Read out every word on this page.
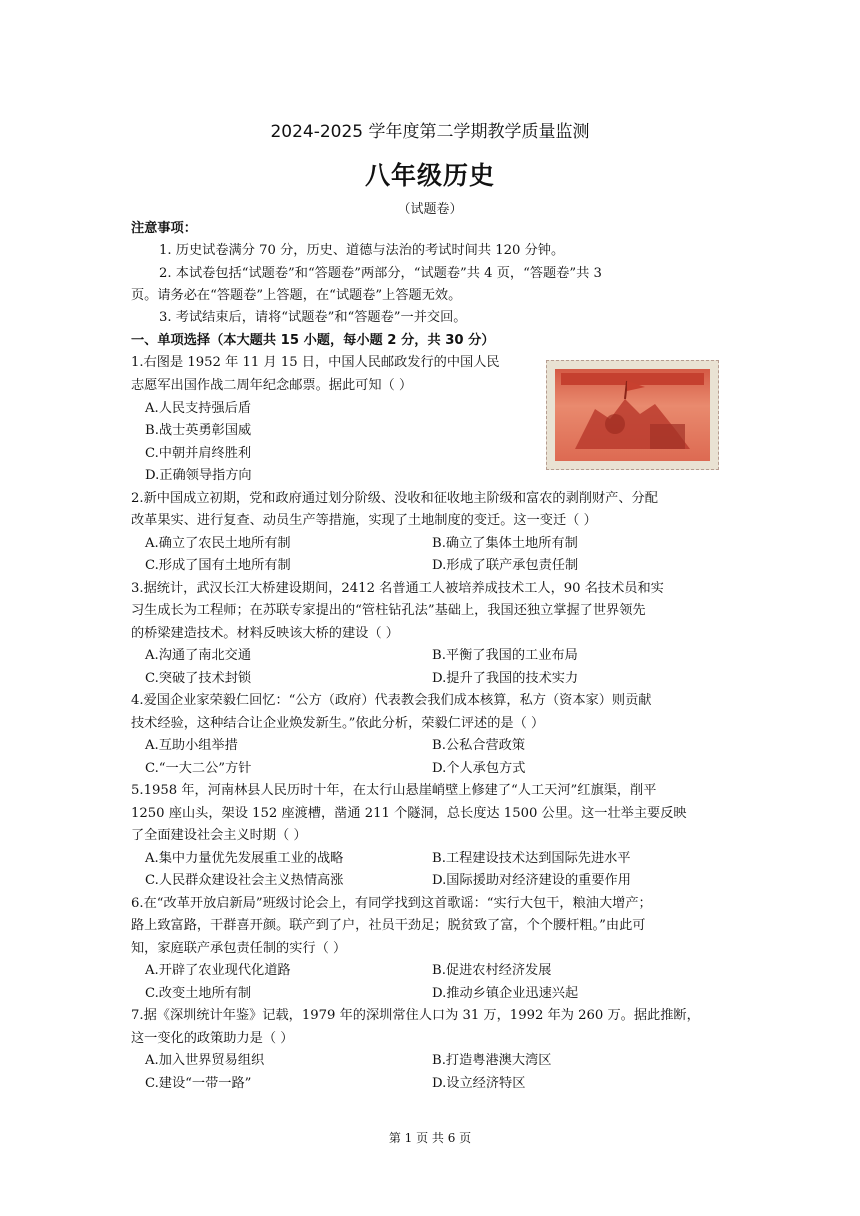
2024-2025 学年度第二学期教学质量监测
八年级历史
（试题卷）
注意事项：
1. 历史试卷满分 70 分，历史、道德与法治的考试时间共 120 分钟。
2. 本试卷包括“试题卷”和“答题卷”两部分，“试题卷”共 4 页，“答题卷”共 3
页。请务必在“答题卷”上答题，在“试题卷”上答题无效。
3. 考试结束后，请将“试题卷”和“答题卷”一并交回。
一、单项选择（本大题共 15 小题，每小题 2 分，共 30 分）
1.右图是 1952 年 11 月 15 日，中国人民邮政发行的中国人民
志愿军出国作战二周年纪念邮票。据此可知（ ）
A.人民支持强后盾
B.战士英勇彰国威
C.中朝并肩终胜利
D.正确领导指方向
2.新中国成立初期，党和政府通过划分阶级、没收和征收地主阶级和富农的剥削财产、分配
改革果实、进行复查、动员生产等措施，实现了土地制度的变迁。这一变迁（ ）
A.确立了农民土地所有制	B.确立了集体土地所有制
C.形成了国有土地所有制	D.形成了联产承包责任制
3.据统计，武汉长江大桥建设期间，2412 名普通工人被培养成技术工人，90 名技术员和实
习生成长为工程师；在苏联专家提出的“管柱钻孔法”基础上，我国还独立掌握了世界领先
的桥梁建造技术。材料反映该大桥的建设（ ）
A.沟通了南北交通	B.平衡了我国的工业布局
C.突破了技术封锁	D.提升了我国的技术实力
4.爱国企业家荣毅仁回忆：“公方（政府）代表教会我们成本核算，私方（资本家）则贡献
技术经验，这种结合让企业焕发新生。”依此分析，荣毅仁评述的是（ ）
A.互助小组举措	B.公私合营政策
C.“一大二公”方针	D.个人承包方式
5.1958 年，河南林县人民历时十年，在太行山悬崖峭壁上修建了“人工天河”红旗渠，削平
1250 座山头，架设 152 座渡槽，凿通 211 个隧洞，总长度达 1500 公里。这一壮举主要反映
了全面建设社会主义时期（ ）
A.集中力量优先发展重工业的战略	B.工程建设技术达到国际先进水平
C.人民群众建设社会主义热情高涨	D.国际援助对经济建设的重要作用
6.在“改革开放启新局”班级讨论会上，有同学找到这首歌谣：“实行大包干，粮油大增产；
路上致富路，干群喜开颜。联产到了户，社员干劲足；脱贫致了富，个个腰杆粗。”由此可
知，家庭联产承包责任制的实行（ ）
A.开辟了农业现代化道路	B.促进农村经济发展
C.改变土地所有制	D.推动乡镇企业迅速兴起
7.据《深圳统计年鉴》记载，1979 年的深圳常住人口为 31 万，1992 年为 260 万。据此推断，
这一变化的政策助力是（ ）
A.加入世界贸易组织	B.打造粤港澳大湾区
C.建设“一带一路”	D.设立经济特区
第 1 页 共 6 页
